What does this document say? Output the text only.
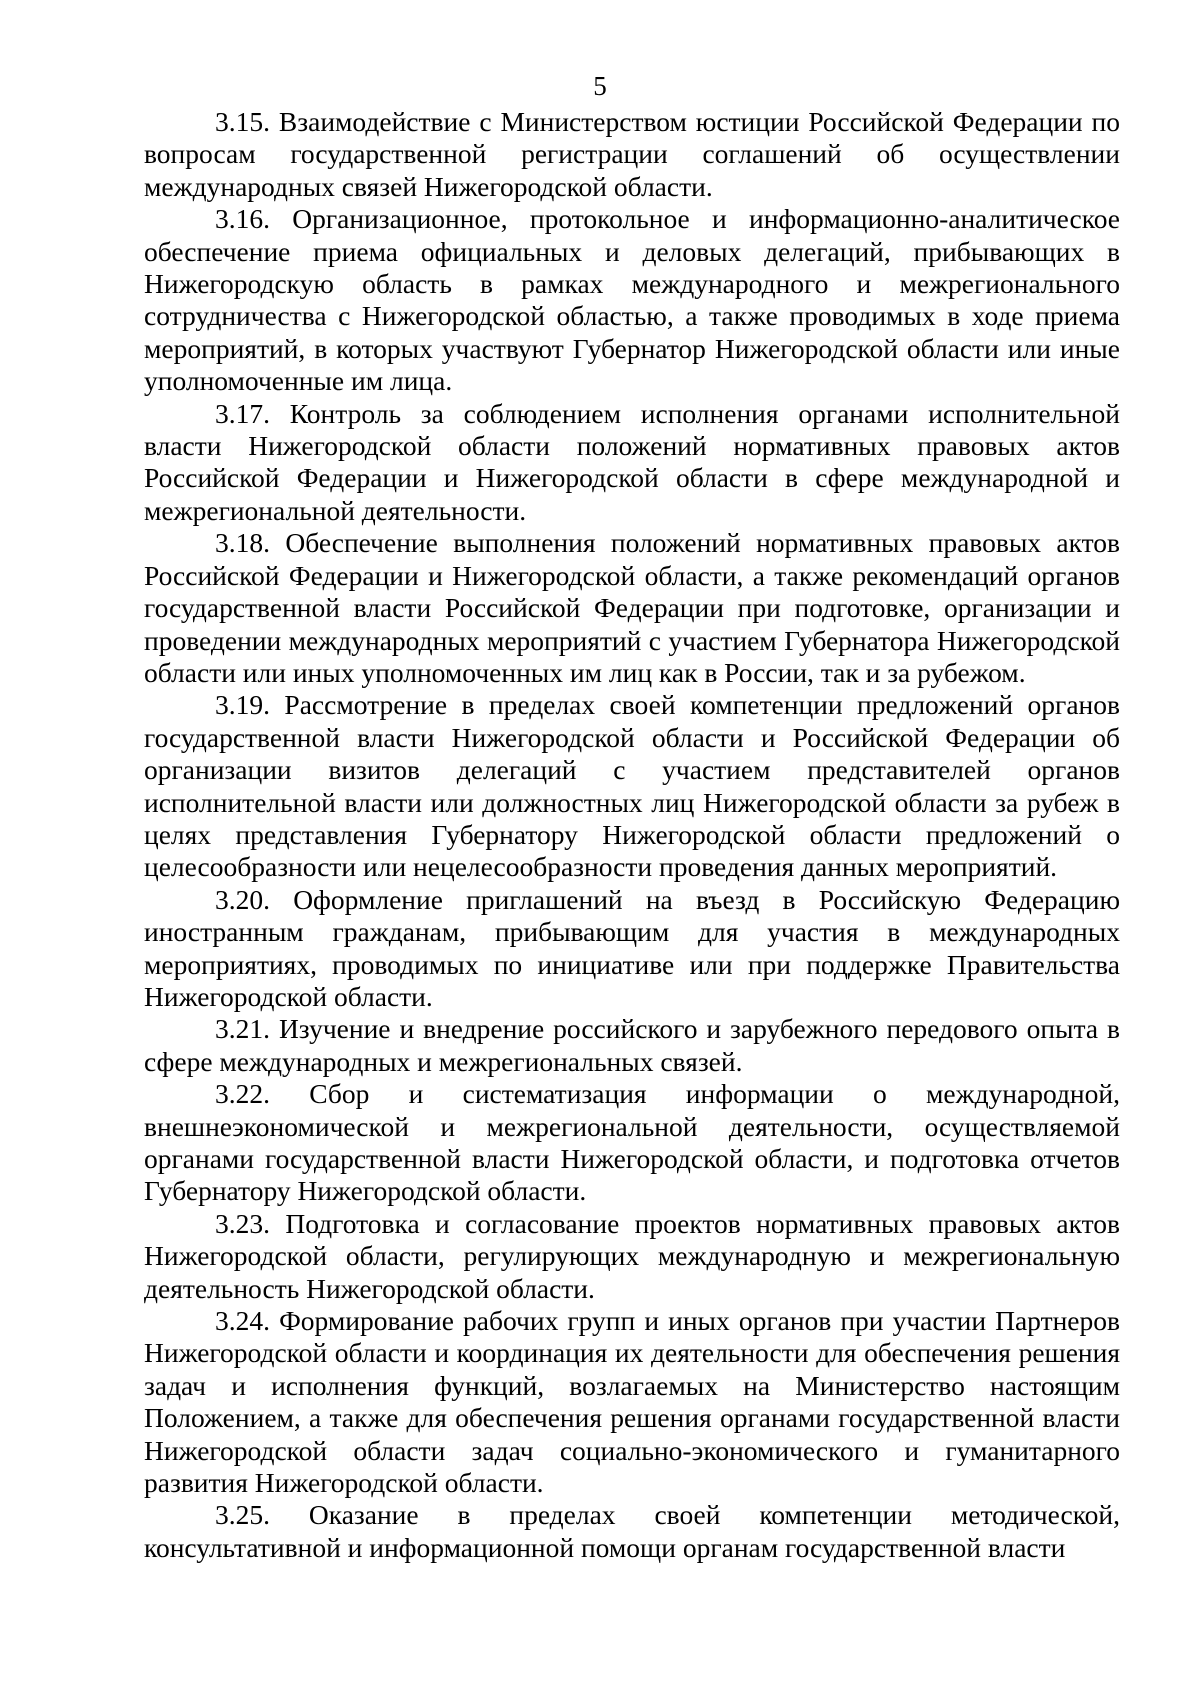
5

3.15. Взаимодействие с Министерством юстиции Российской Федерации по вопросам государственной регистрации соглашений об осуществлении международных связей Нижегородской области.

3.16. Организационное, протокольное и информационно-аналитическое обеспечение приема официальных и деловых делегаций, прибывающих в Нижегородскую область в рамках международного и межрегионального сотрудничества с Нижегородской областью, а также проводимых в ходе приема мероприятий, в которых участвуют Губернатор Нижегородской области или иные уполномоченные им лица.

3.17. Контроль за соблюдением исполнения органами исполнительной власти Нижегородской области положений нормативных правовых актов Российской Федерации и Нижегородской области в сфере международной и межрегиональной деятельности.

3.18. Обеспечение выполнения положений нормативных правовых актов Российской Федерации и Нижегородской области, а также рекомендаций органов государственной власти Российской Федерации при подготовке, организации и проведении международных мероприятий с участием Губернатора Нижегородской области или иных уполномоченных им лиц как в России, так и за рубежом.

3.19. Рассмотрение в пределах своей компетенции предложений органов государственной власти Нижегородской области и Российской Федерации об организации визитов делегаций с участием представителей органов исполнительной власти или должностных лиц Нижегородской области за рубеж в целях представления Губернатору Нижегородской области предложений о целесообразности или нецелесообразности проведения данных мероприятий.

3.20. Оформление приглашений на въезд в Российскую Федерацию иностранным гражданам, прибывающим для участия в международных мероприятиях, проводимых по инициативе или при поддержке Правительства Нижегородской области.

3.21. Изучение и внедрение российского и зарубежного передового опыта в сфере международных и межрегиональных связей.

3.22. Сбор и систематизация информации о международной, внешнеэкономической и межрегиональной деятельности, осуществляемой органами государственной власти Нижегородской области, и подготовка отчетов Губернатору Нижегородской области.

3.23. Подготовка и согласование проектов нормативных правовых актов Нижегородской области, регулирующих международную и межрегиональную деятельность Нижегородской области.

3.24. Формирование рабочих групп и иных органов при участии Партнеров Нижегородской области и координация их деятельности для обеспечения решения задач и исполнения функций, возлагаемых на Министерство настоящим Положением, а также для обеспечения решения органами государственной власти Нижегородской области задач социально-экономического и гуманитарного развития Нижегородской области.

3.25. Оказание в пределах своей компетенции методической, консультативной и информационной помощи органам государственной власти
